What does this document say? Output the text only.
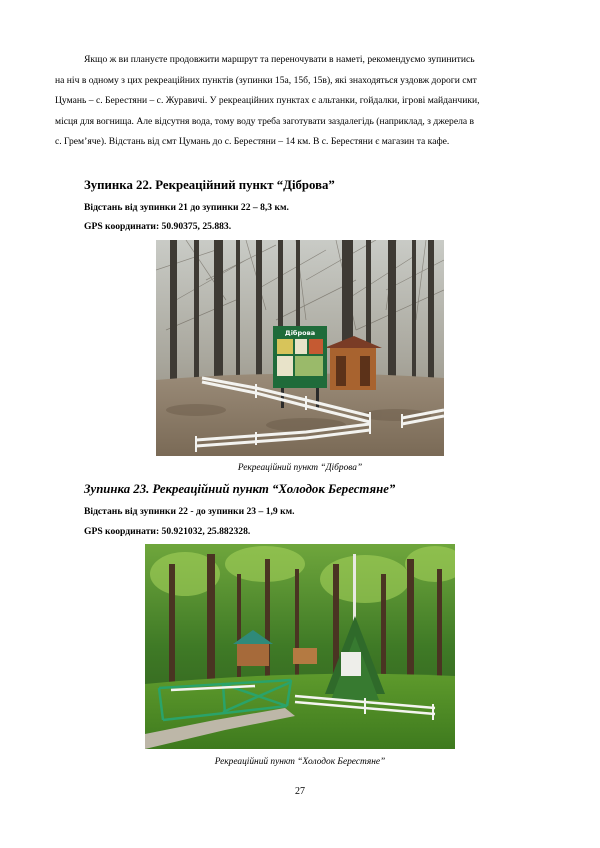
Якщо ж ви плануєте продовжити маршрут та переночувати в наметі, рекомендуємо зупинитись
на ніч в одному з цих рекреаційних пунктів (зупинки 15а, 15б, 15в), які знаходяться уздовж дороги смт
Цумань – с. Берестяни – с. Журавичі. У рекреаційних пунктах є альтанки, гойдалки, ігрові майданчики,
місця для вогнища. Але відсутня вода, тому воду треба заготувати заздалегідь (наприклад, з джерела в
с. Грем’яче). Відстань від смт Цумань до с. Берестяни – 14 км. В с. Берестяни є магазин та кафе.
Зупинка 22. Рекреаційний пункт “Діброва”
Відстань від зупинки 21 до зупинки 22 – 8,3 км.
GPS координати: 50.90375, 25.883.
Діброва
Рекреаційний пункт “Діброва”
Зупинка 23. Рекреаційний пункт “Холодок Берестяне”
Відстань від зупинки 22 - до зупинки 23 – 1,9 км.
GPS координати: 50.921032, 25.882328.
Рекреаційний пункт “Холодок Берестяне”
27
